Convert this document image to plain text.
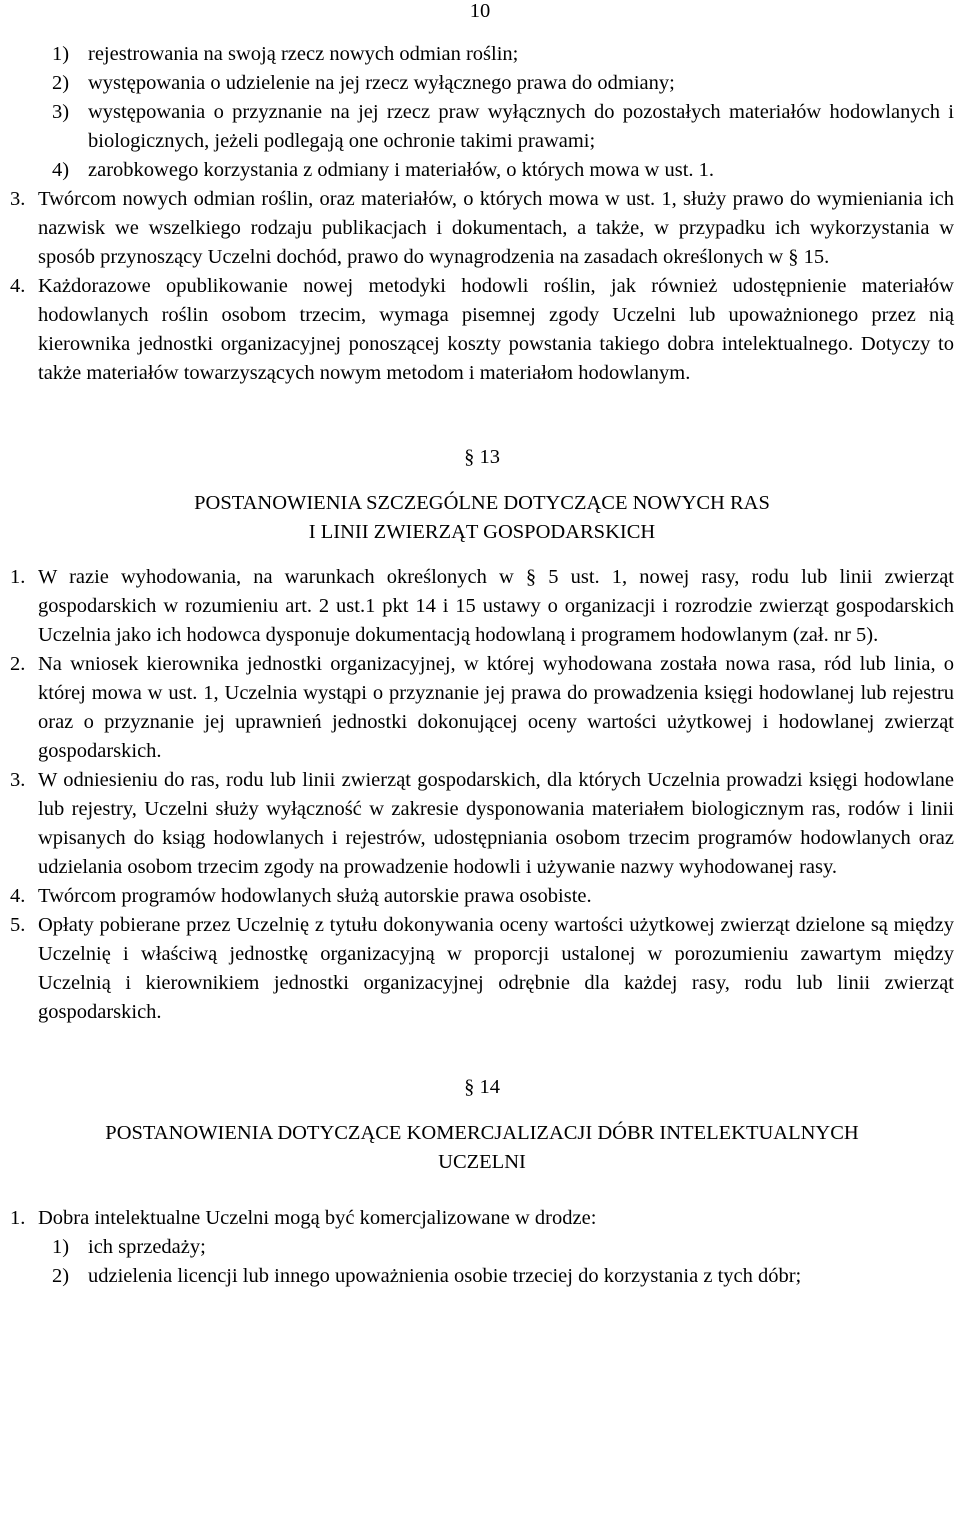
10
1) rejestrowania na swoją rzecz nowych odmian roślin;
2) występowania o udzielenie na jej rzecz wyłącznego prawa do odmiany;
3) występowania o przyznanie na jej rzecz praw wyłącznych do pozostałych materiałów hodowlanych i biologicznych, jeżeli podlegają one ochronie takimi prawami;
4) zarobkowego korzystania z odmiany i materiałów, o których mowa w ust. 1.
3. Twórcom nowych odmian roślin, oraz materiałów, o których mowa w ust. 1, służy prawo do wymieniania ich nazwisk we wszelkiego rodzaju publikacjach i dokumentach, a także, w przypadku ich wykorzystania w sposób przynoszący Uczelni dochód, prawo do wynagrodzenia na zasadach określonych w § 15.
4. Każdorazowe opublikowanie nowej metodyki hodowli roślin, jak również udostępnienie materiałów hodowlanych roślin osobom trzecim, wymaga pisemnej zgody Uczelni lub upoważnionego przez nią kierownika jednostki organizacyjnej ponoszącej koszty powstania takiego dobra intelektualnego. Dotyczy to także materiałów towarzyszących nowym metodom i materiałom hodowlanym.
§ 13
POSTANOWIENIA SZCZEGÓLNE DOTYCZĄCE NOWYCH RAS
I LINII ZWIERZĄT GOSPODARSKICH
1. W razie wyhodowania, na warunkach określonych w § 5 ust. 1, nowej rasy, rodu lub linii zwierząt gospodarskich w rozumieniu art. 2 ust.1 pkt 14 i 15 ustawy o organizacji i rozrodzie zwierząt gospodarskich Uczelnia jako ich hodowca dysponuje dokumentacją hodowlaną i programem hodowlanym (zał. nr 5).
2. Na wniosek kierownika jednostki organizacyjnej, w której wyhodowana została nowa rasa, ród lub linia, o której mowa w ust. 1, Uczelnia wystąpi o przyznanie jej prawa do prowadzenia księgi hodowlanej lub rejestru oraz o przyznanie jej uprawnień jednostki dokonującej oceny wartości użytkowej i hodowlanej zwierząt gospodarskich.
3. W odniesieniu do ras, rodu lub linii zwierząt gospodarskich, dla których Uczelnia prowadzi księgi hodowlane lub rejestry, Uczelni służy wyłączność w zakresie dysponowania materiałem biologicznym ras, rodów i linii wpisanych do ksiąg hodowlanych i rejestrów, udostępniania osobom trzecim programów hodowlanych oraz udzielania osobom trzecim zgody na prowadzenie hodowli i używanie nazwy wyhodowanej rasy.
4. Twórcom programów hodowlanych służą autorskie prawa osobiste.
5. Opłaty pobierane przez Uczelnię z tytułu dokonywania oceny wartości użytkowej zwierząt dzielone są między Uczelnię i właściwą jednostkę organizacyjną w proporcji ustalonej w porozumieniu zawartym między Uczelnią i kierownikiem jednostki organizacyjnej odrębnie dla każdej rasy, rodu lub linii zwierząt gospodarskich.
§ 14
POSTANOWIENIA DOTYCZĄCE KOMERCJALIZACJI DÓBR INTELEKTUALNYCH
UCZELNI
1. Dobra intelektualne Uczelni mogą być komercjalizowane w drodze:
1) ich sprzedaży;
2) udzielenia licencji lub innego upoważnienia osobie trzeciej do korzystania z tych dóbr;
